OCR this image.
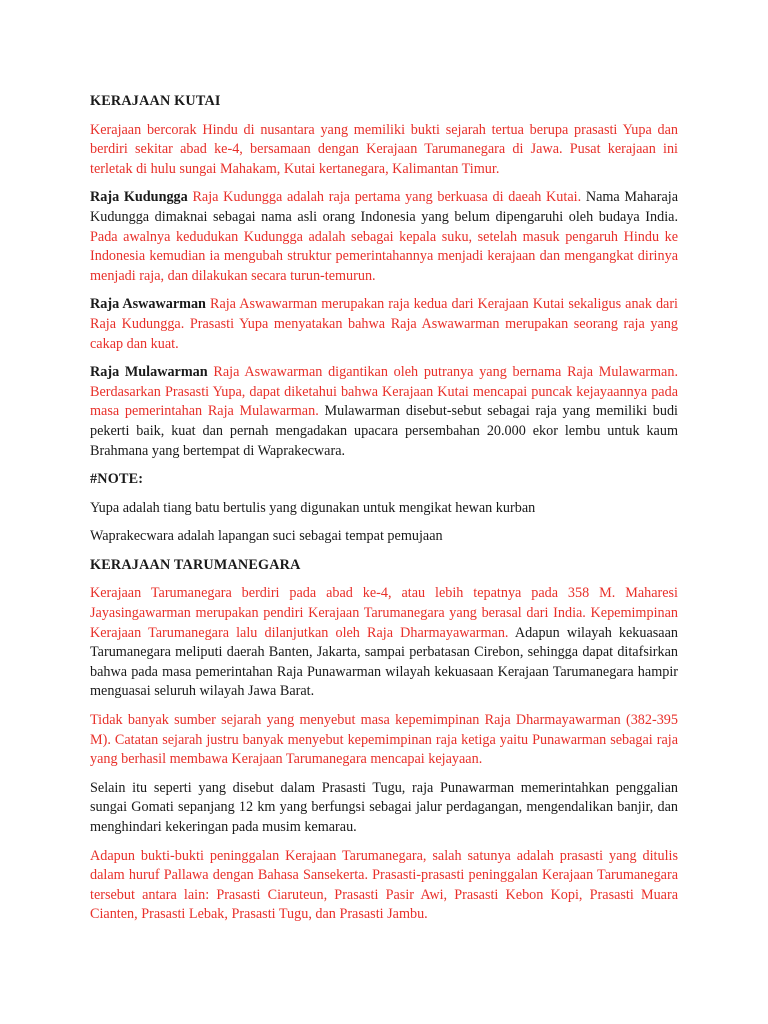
KERAJAAN KUTAI

Kerajaan bercorak Hindu di nusantara yang memiliki bukti sejarah tertua berupa prasasti Yupa dan berdiri sekitar abad ke-4, bersamaan dengan Kerajaan Tarumanegara di Jawa. Pusat kerajaan ini terletak di hulu sungai Mahakam, Kutai kertanegara, Kalimantan Timur.

Raja Kudungga Raja Kudungga adalah raja pertama yang berkuasa di daeah Kutai. Nama Maharaja Kudungga dimaknai sebagai nama asli orang Indonesia yang belum dipengaruhi oleh budaya India. Pada awalnya kedudukan Kudungga adalah sebagai kepala suku, setelah masuk pengaruh Hindu ke Indonesia kemudian ia mengubah struktur pemerintahannya menjadi kerajaan dan mengangkat dirinya menjadi raja, dan dilakukan secara turun-temurun.

Raja Aswawarman Raja Aswawarman merupakan raja kedua dari Kerajaan Kutai sekaligus anak dari Raja Kudungga. Prasasti Yupa menyatakan bahwa Raja Aswawarman merupakan seorang raja yang cakap dan kuat.

Raja Mulawarman Raja Aswawarman digantikan oleh putranya yang bernama Raja Mulawarman. Berdasarkan Prasasti Yupa, dapat diketahui bahwa Kerajaan Kutai mencapai puncak kejayaannya pada masa pemerintahan Raja Mulawarman. Mulawarman disebut-sebut sebagai raja yang memiliki budi pekerti baik, kuat dan pernah mengadakan upacara persembahan 20.000 ekor lembu untuk kaum Brahmana yang bertempat di Waprakecwara.

#NOTE:

Yupa adalah tiang batu bertulis yang digunakan untuk mengikat hewan kurban

Waprakecwara adalah lapangan suci sebagai tempat pemujaan

KERAJAAN TARUMANEGARA

Kerajaan Tarumanegara berdiri pada abad ke-4, atau lebih tepatnya pada 358 M. Maharesi Jayasingawarman merupakan pendiri Kerajaan Tarumanegara yang berasal dari India. Kepemimpinan Kerajaan Tarumanegara lalu dilanjutkan oleh Raja Dharmayawarman. Adapun wilayah kekuasaan Tarumanegara meliputi daerah Banten, Jakarta, sampai perbatasan Cirebon, sehingga dapat ditafsirkan bahwa pada masa pemerintahan Raja Punawarman wilayah kekuasaan Kerajaan Tarumanegara hampir menguasai seluruh wilayah Jawa Barat.

Tidak banyak sumber sejarah yang menyebut masa kepemimpinan Raja Dharmayawarman (382-395 M). Catatan sejarah justru banyak menyebut kepemimpinan raja ketiga yaitu Punawarman sebagai raja yang berhasil membawa Kerajaan Tarumanegara mencapai kejayaan.

Selain itu seperti yang disebut dalam Prasasti Tugu, raja Punawarman memerintahkan penggalian sungai Gomati sepanjang 12 km yang berfungsi sebagai jalur perdagangan, mengendalikan banjir, dan menghindari kekeringan pada musim kemarau.

Adapun bukti-bukti peninggalan Kerajaan Tarumanegara, salah satunya adalah prasasti yang ditulis dalam huruf Pallawa dengan Bahasa Sansekerta. Prasasti-prasasti peninggalan Kerajaan Tarumanegara tersebut antara lain: Prasasti Ciaruteun, Prasasti Pasir Awi, Prasasti Kebon Kopi, Prasasti Muara Cianten, Prasasti Lebak, Prasasti Tugu, dan Prasasti Jambu.
